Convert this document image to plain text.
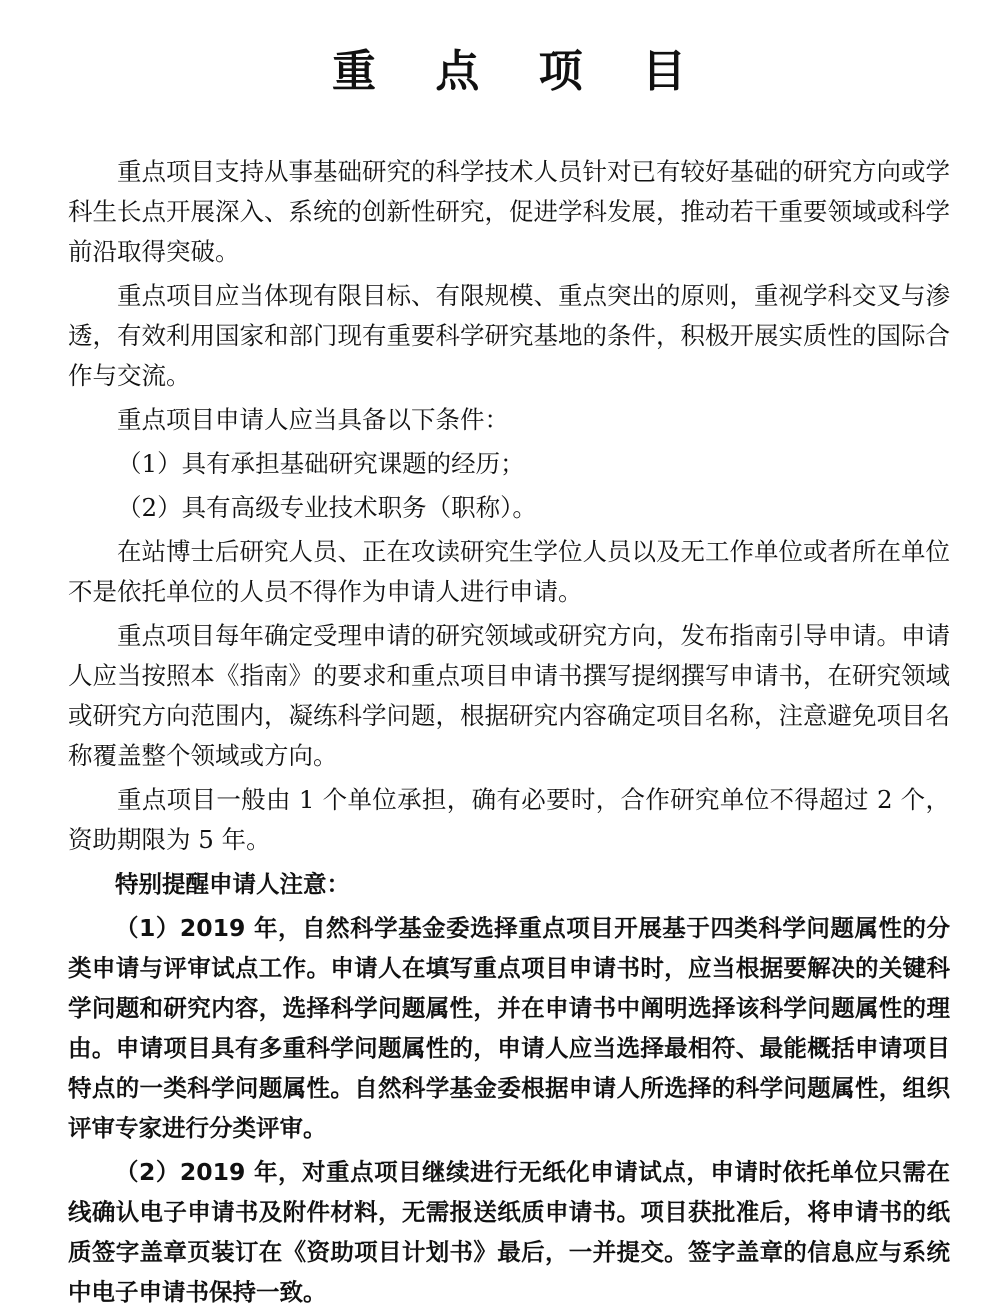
重 点 项 目

重点项目支持从事基础研究的科学技术人员针对已有较好基础的研究方向或学科生长点开展深入、系统的创新性研究，促进学科发展，推动若干重要领域或科学前沿取得突破。

重点项目应当体现有限目标、有限规模、重点突出的原则，重视学科交叉与渗透，有效利用国家和部门现有重要科学研究基地的条件，积极开展实质性的国际合作与交流。

重点项目申请人应当具备以下条件：

（1）具有承担基础研究课题的经历；

（2）具有高级专业技术职务（职称）。

在站博士后研究人员、正在攻读研究生学位人员以及无工作单位或者所在单位不是依托单位的人员不得作为申请人进行申请。

重点项目每年确定受理申请的研究领域或研究方向，发布指南引导申请。申请人应当按照本《指南》的要求和重点项目申请书撰写提纲撰写申请书，在研究领域或研究方向范围内，凝练科学问题，根据研究内容确定项目名称，注意避免项目名称覆盖整个领域或方向。

重点项目一般由 1 个单位承担，确有必要时，合作研究单位不得超过 2 个，资助期限为 5 年。

特别提醒申请人注意：

（1）2019 年，自然科学基金委选择重点项目开展基于四类科学问题属性的分类申请与评审试点工作。申请人在填写重点项目申请书时，应当根据要解决的关键科学问题和研究内容，选择科学问题属性，并在申请书中阐明选择该科学问题属性的理由。申请项目具有多重科学问题属性的，申请人应当选择最相符、最能概括申请项目特点的一类科学问题属性。自然科学基金委根据申请人所选择的科学问题属性，组织评审专家进行分类评审。

（2）2019 年，对重点项目继续进行无纸化申请试点，申请时依托单位只需在线确认电子申请书及附件材料，无需报送纸质申请书。项目获批准后，将申请书的纸质签字盖章页装订在《资助项目计划书》最后，一并提交。签字盖章的信息应与系统中电子申请书保持一致。
